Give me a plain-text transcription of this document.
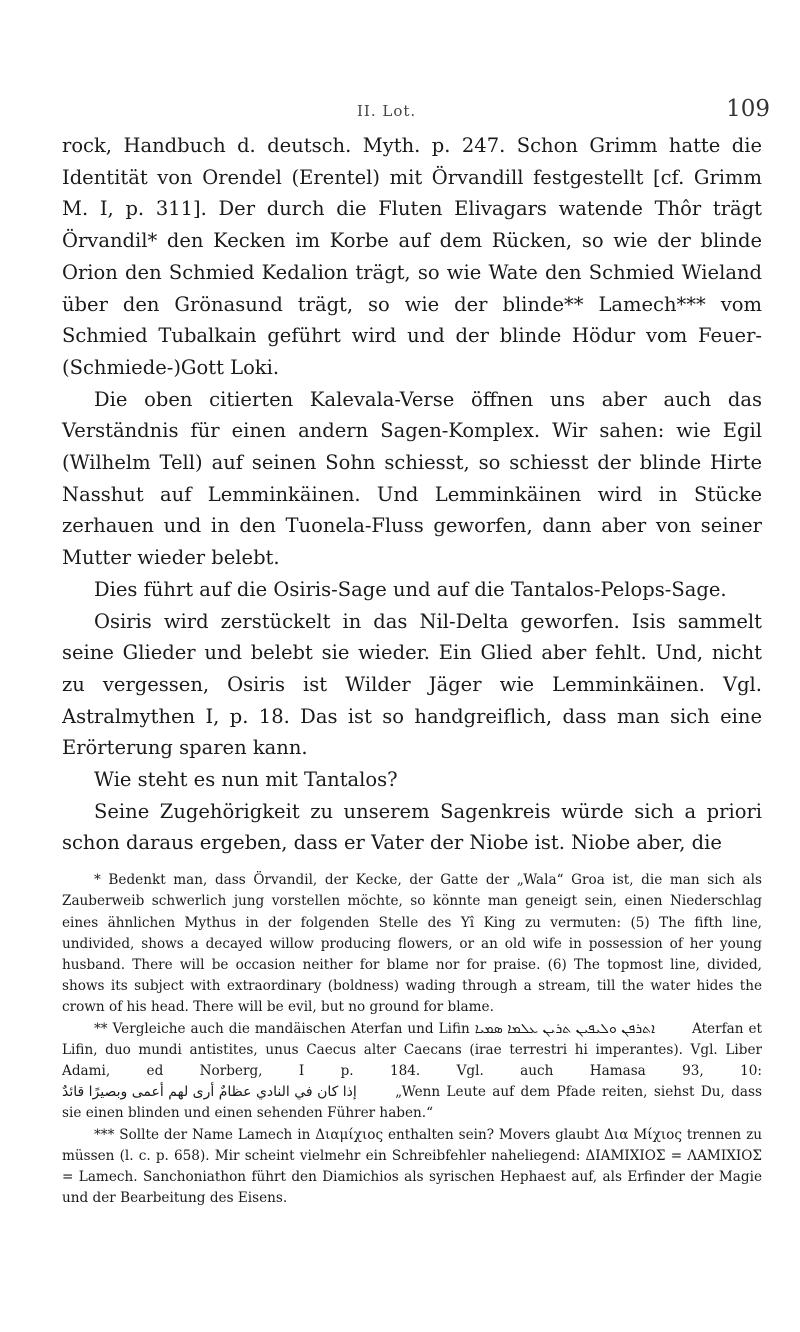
II. Lot.	109

rock, Handbuch d. deutsch. Myth. p. 247. Schon Grimm hatte die Identität von Orendel (Erentel) mit Örvandill festgestellt [cf. Grimm M. I, p. 311]. Der durch die Fluten Elivagars watende Thôr trägt Örvandil* den Kecken im Korbe auf dem Rücken, so wie der blinde Orion den Schmied Kedalion trägt, so wie Wate den Schmied Wieland über den Grönasund trägt, so wie der blinde** Lamech*** vom Schmied Tubalkain geführt wird und der blinde Hödur vom Feuer-(Schmiede-)Gott Loki.

Die oben citierten Kalevala-Verse öffnen uns aber auch das Verständnis für einen andern Sagen-Komplex. Wir sahen: wie Egil (Wilhelm Tell) auf seinen Sohn schiesst, so schiesst der blinde Hirte Nasshut auf Lemminkäinen. Und Lemminkäinen wird in Stücke zerhauen und in den Tuonela-Fluss geworfen, dann aber von seiner Mutter wieder belebt.

Dies führt auf die Osiris-Sage und auf die Tantalos-Pelops-Sage.

Osiris wird zerstückelt in das Nil-Delta geworfen. Isis sammelt seine Glieder und belebt sie wieder. Ein Glied aber fehlt. Und, nicht zu vergessen, Osiris ist Wilder Jäger wie Lemminkäinen. Vgl. Astralmythen I, p. 18. Das ist so handgreiflich, dass man sich eine Erörterung sparen kann.

Wie steht es nun mit Tantalos?

Seine Zugehörigkeit zu unserem Sagenkreis würde sich a priori schon daraus ergeben, dass er Vater der Niobe ist. Niobe aber, die

* Bedenkt man, dass Örvandil, der Kecke, der Gatte der „Wala“ Groa ist, die man sich als Zauberweib schwerlich jung vorstellen möchte, so könnte man geneigt sein, einen Niederschlag eines ähnlichen Mythus in der folgenden Stelle des Yî King zu vermuten: (5) The fifth line, undivided, shows a decayed willow producing flowers, or an old wife in possession of her young husband. There will be occasion neither for blame nor for praise. (6) The topmost line, divided, shows its subject with extraordinary (boldness) wading through a stream, till the water hides the crown of his head. There will be evil, but no ground for blame.

** Vergleiche auch die mandäischen Aterfan und Lifin ܐܬܪܦܢ ܘܠܝܦܝܢ ܬܪܝܢ ܥܠܡܐ ܣܡܝܐ	Aterfan et Lifin, duo mundi antistites, unus Caecus alter Caecans (irae terrestri hi imperantes). Vgl. Liber Adami, ed Norberg, I p. 184. Vgl. auch Hamasa 93, 10: إذا كان في النادي عظامٌ أرى لهم أعمى وبصيرًا قائدٌ	„Wenn Leute auf dem Pfade reiten, siehst Du, dass sie einen blinden und einen sehenden Führer haben.“

*** Sollte der Name Lamech in Διαμίχιος enthalten sein? Movers glaubt Δια Μίχιος trennen zu müssen (l. c. p. 658). Mir scheint vielmehr ein Schreibfehler naheliegend: ΔΙΑΜΙΧΙΟΣ = ΛΑΜΙΧΙΟΣ = Lamech. Sanchoniathon führt den Diamichios als syrischen Hephaest auf, als Erfinder der Magie und der Bearbeitung des Eisens.
